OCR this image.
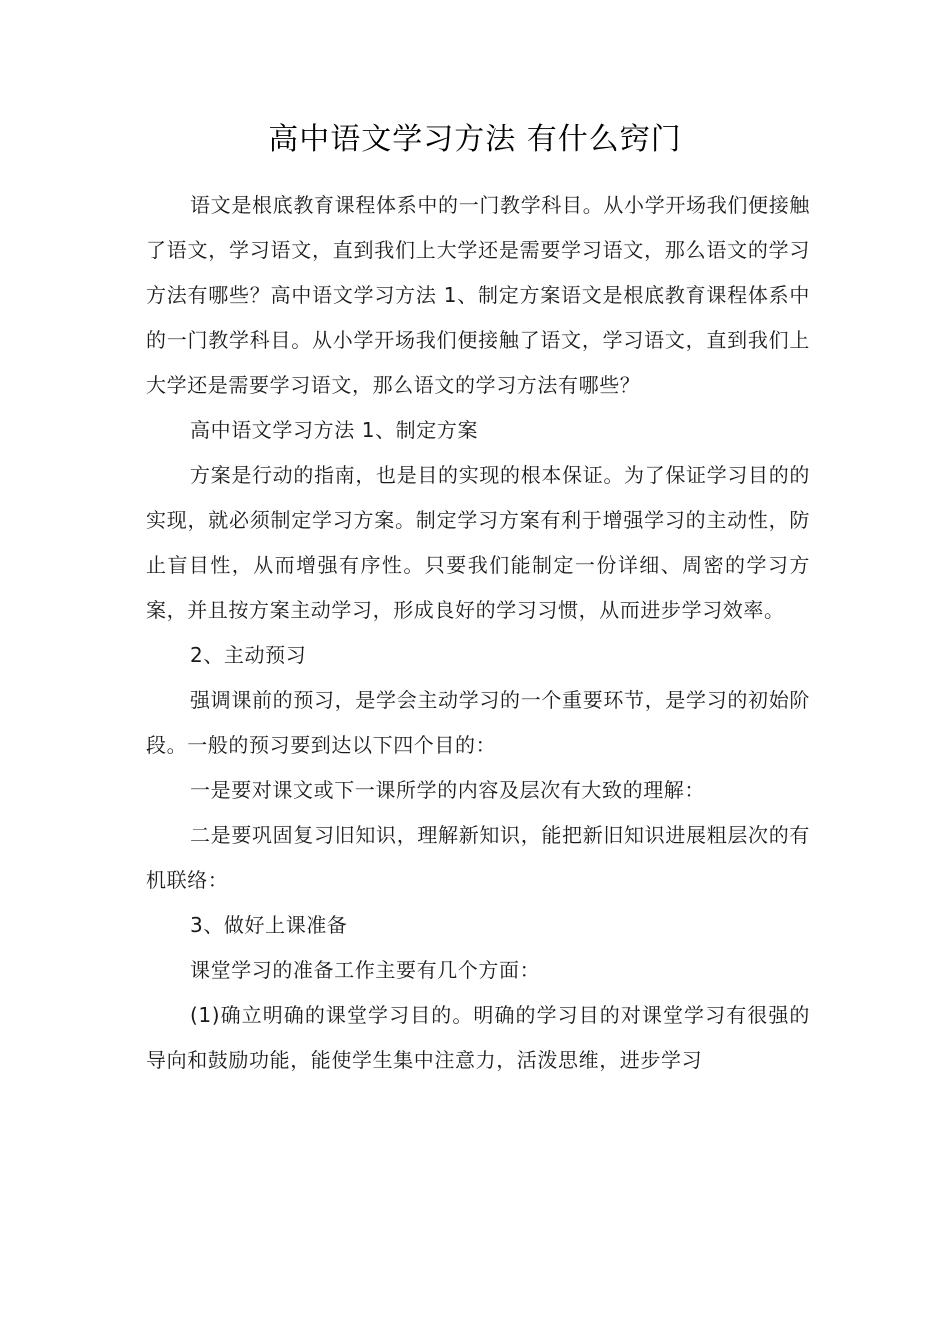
高中语文学习方法 有什么窍门

语文是根底教育课程体系中的一门教学科目。从小学开场我们便接触了语文，学习语文，直到我们上大学还是需要学习语文，那么语文的学习方法有哪些？高中语文学习方法 1、制定方案语文是根底教育课程体系中的一门教学科目。从小学开场我们便接触了语文，学习语文，直到我们上大学还是需要学习语文，那么语文的学习方法有哪些？

高中语文学习方法 1、制定方案

方案是行动的指南，也是目的实现的根本保证。为了保证学习目的的实现，就必须制定学习方案。制定学习方案有利于增强学习的主动性，防止盲目性，从而增强有序性。只要我们能制定一份详细、周密的学习方案，并且按方案主动学习，形成良好的学习习惯，从而进步学习效率。

2、主动预习

强调课前的预习，是学会主动学习的一个重要环节，是学习的初始阶段。一般的预习要到达以下四个目的：

一是要对课文或下一课所学的内容及层次有大致的理解：

二是要巩固复习旧知识，理解新知识，能把新旧知识进展粗层次的有机联络：

3、做好上课准备

课堂学习的准备工作主要有几个方面：

(1)确立明确的课堂学习目的。明确的学习目的对课堂学习有很强的导向和鼓励功能，能使学生集中注意力，活泼思维，进步学习
